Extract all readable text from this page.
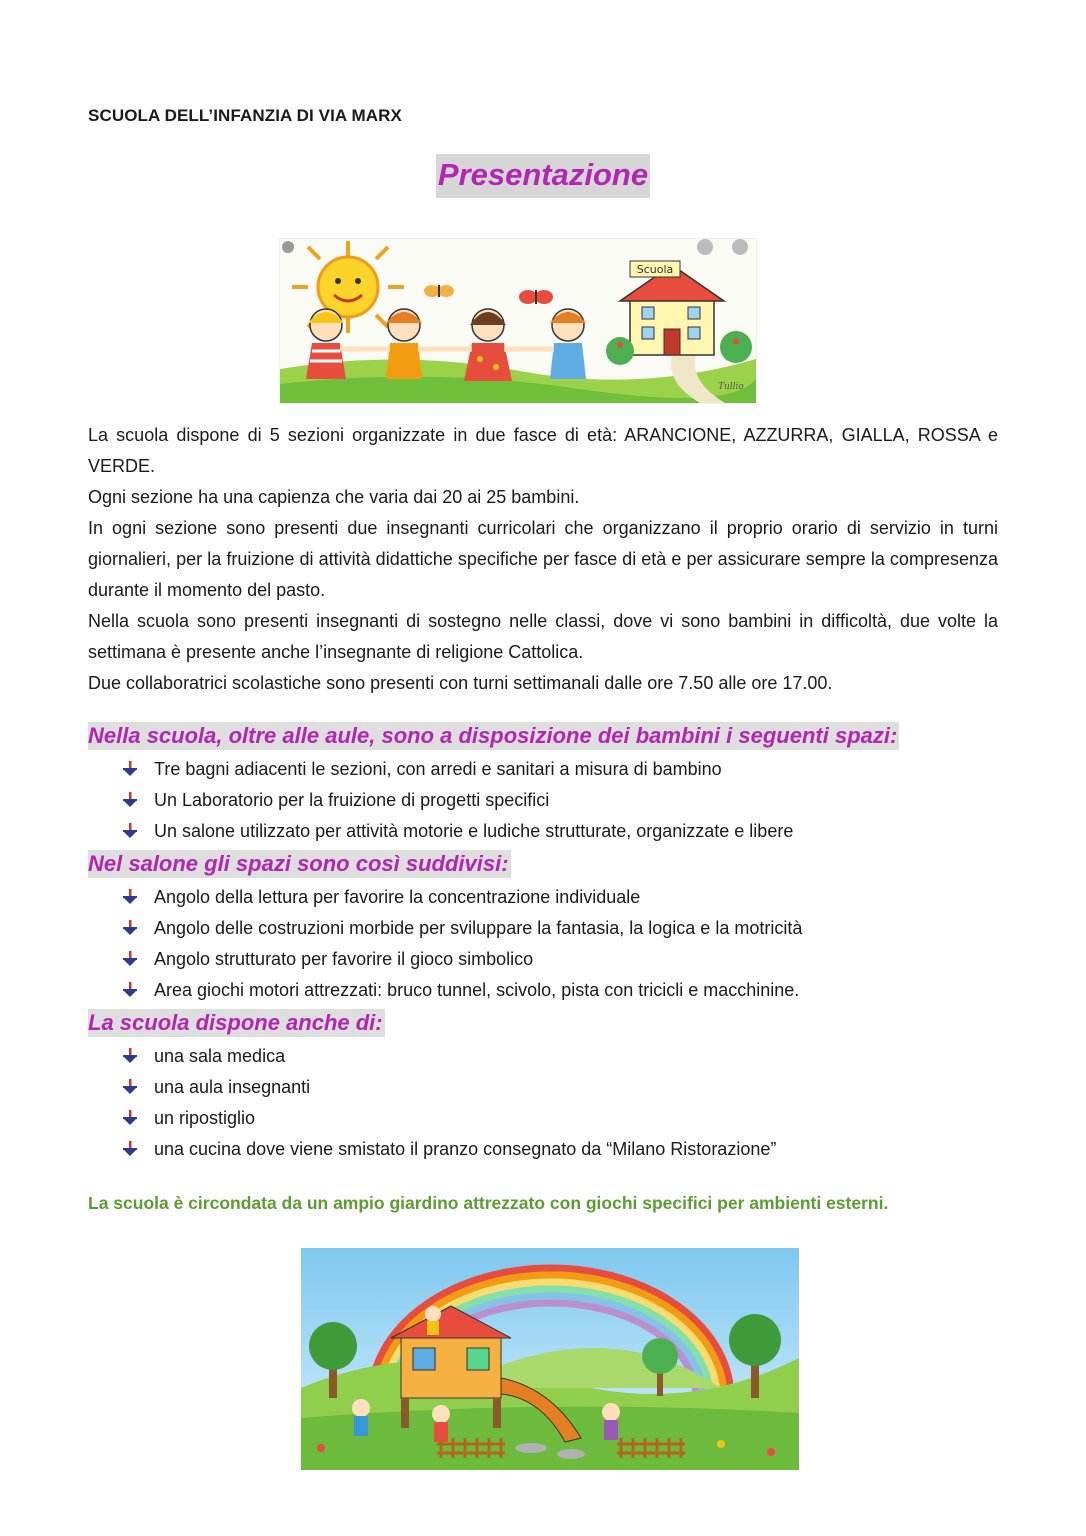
SCUOLA DELL’INFANZIA DI VIA MARX
Presentazione
Scuola
Tullio

La scuola dispone di 5 sezioni organizzate in due fasce di età: ARANCIONE, AZZURRA, GIALLA, ROSSA e VERDE.

Ogni sezione ha una capienza che varia dai 20 ai 25 bambini.

In ogni sezione sono presenti due insegnanti curricolari che organizzano il proprio orario di servizio in turni giornalieri, per la fruizione di attività didattiche specifiche per fasce di età e per assicurare sempre la compresenza durante il momento del pasto.

Nella scuola sono presenti insegnanti di sostegno nelle classi, dove vi sono bambini in difficoltà, due volte la settimana è presente anche l’insegnante di religione Cattolica.

Due collaboratrici scolastiche sono presenti con turni settimanali dalle ore 7.50 alle ore 17.00.

Nella scuola, oltre alle aule, sono a disposizione dei bambini i seguenti spazi:
Tre bagni adiacenti le sezioni, con arredi e sanitari a misura di bambino
Un Laboratorio per la fruizione di progetti specifici
Un salone utilizzato per attività motorie e ludiche strutturate, organizzate e libere
Nel salone gli spazi sono così suddivisi:
Angolo della lettura per favorire la concentrazione individuale
Angolo delle costruzioni morbide per sviluppare la fantasia, la logica e la motricità
Angolo strutturato per favorire il gioco simbolico
Area giochi motori attrezzati: bruco tunnel, scivolo, pista con tricicli e macchinine.
La scuola dispone anche di:
una sala medica
una aula insegnanti
un ripostiglio
una cucina dove viene smistato il pranzo consegnato da “Milano Ristorazione”
La scuola è circondata da un ampio giardino attrezzato con giochi specifici per ambienti esterni.
